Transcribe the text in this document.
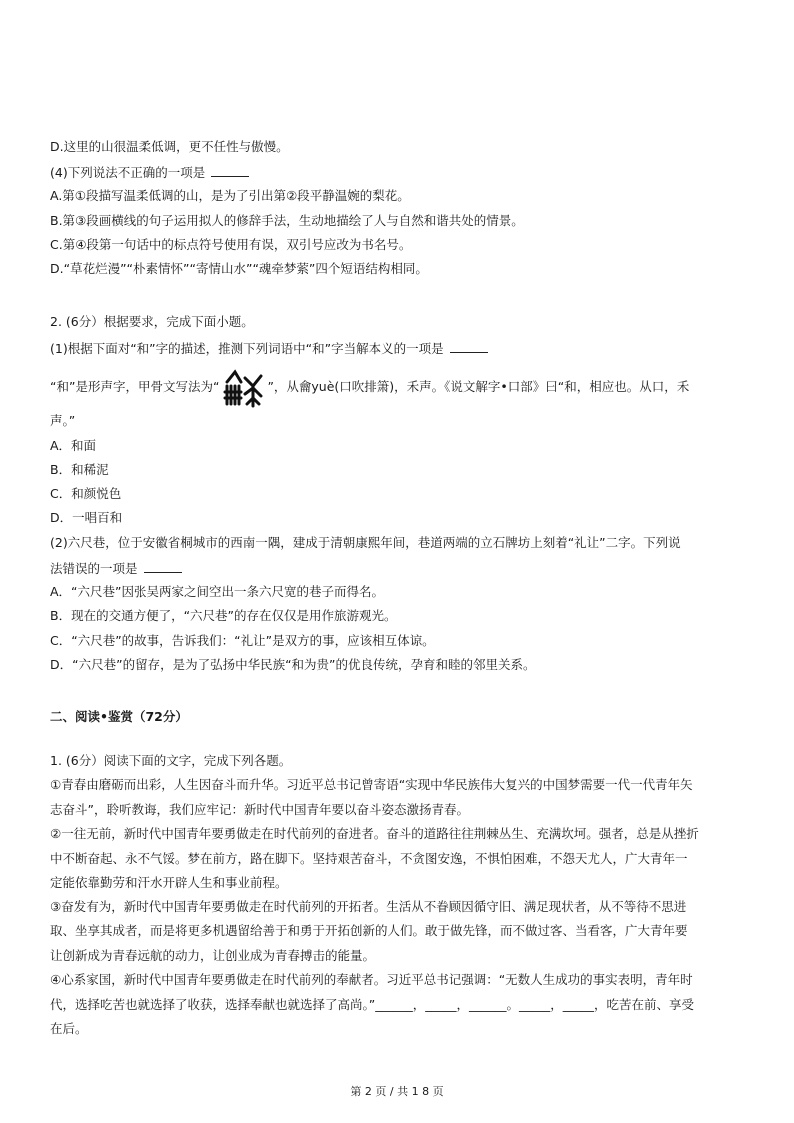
D.这里的山很温柔低调，更不任性与傲慢。
(4)下列说法不正确的一项是
A.第①段描写温柔低调的山，是为了引出第②段平静温婉的梨花。
B.第③段画横线的句子运用拟人的修辞手法，生动地描绘了人与自然和谐共处的情景。
C.第④段第一句话中的标点符号使用有误，双引号应改为书名号。
D.“草花烂漫”“朴素情怀”“寄情山水”“魂牵梦萦”四个短语结构相同。
2. (6分）根据要求，完成下面小题。
(1)根据下面对“和”字的描述，推测下列词语中“和”字当解本义的一项是
“和”是形声字，甲骨文写法为“	”，从龠yuè(口吹排箫)，禾声。《说文解字•口部》曰“和，相应也。从口，禾
声。”
A．和面
B．和稀泥
C．和颜悦色
D．一唱百和
(2)六尺巷，位于安徽省桐城市的西南一隅，建成于清朝康熙年间，巷道两端的立石牌坊上刻着“礼让”二字。下列说
法错误的一项是
A．“六尺巷”因张吴两家之间空出一条六尺宽的巷子而得名。
B．现在的交通方便了，“六尺巷”的存在仅仅是用作旅游观光。
C．“六尺巷”的故事，告诉我们：“礼让”是双方的事，应该相互体谅。
D．“六尺巷”的留存，是为了弘扬中华民族“和为贵”的优良传统，孕育和睦的邻里关系。
二、阅读•鉴赏（72分）
1. (6分）阅读下面的文字，完成下列各题。
①青春由磨砺而出彩，人生因奋斗而升华。习近平总书记曾寄语“实现中华民族伟大复兴的中国梦需要一代一代青年矢
志奋斗”，聆听教诲，我们应牢记：新时代中国青年要以奋斗姿态激扬青春。
②一往无前，新时代中国青年要勇做走在时代前列的奋进者。奋斗的道路往往荆棘丛生、充满坎坷。强者，总是从挫折
中不断奋起、永不气馁。梦在前方，路在脚下。坚持艰苦奋斗，不贪图安逸，不惧怕困难，不怨天尤人，广大青年一
定能依靠勤劳和汗水开辟人生和事业前程。
③奋发有为，新时代中国青年要勇做走在时代前列的开拓者。生活从不眷顾因循守旧、满足现状者，从不等待不思进
取、坐享其成者，而是将更多机遇留给善于和勇于开拓创新的人们。敢于做先锋，而不做过客、当看客，广大青年要
让创新成为青春远航的动力，让创业成为青春搏击的能量。
④心系家国，新时代中国青年要勇做走在时代前列的奉献者。习近平总书记强调：“无数人生成功的事实表明，青年时
代，选择吃苦也就选择了收获，选择奉献也就选择了高尚。”______，_____，______。_____，_____，吃苦在前、享受
在后。
第 2 页 / 共 1 8 页
